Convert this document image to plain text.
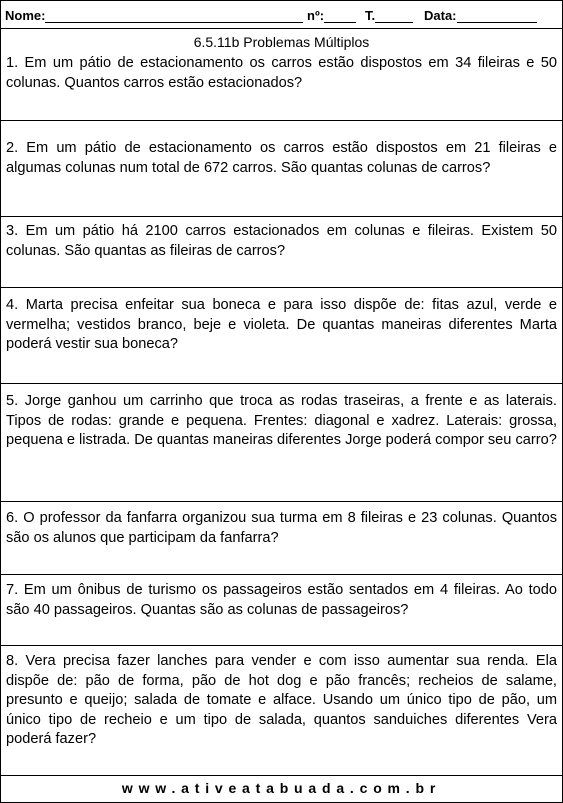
Nome:	nº:	T.	Data:
6.5.11b Problemas Múltiplos

1. Em um pátio de estacionamento os carros estão dispostos em 34 fileiras e 50 colunas. Quantos carros estão estacionados?

2. Em um pátio de estacionamento os carros estão dispostos em 21 fileiras e algumas colunas num total de 672 carros. São quantas colunas de carros?

3. Em um pátio há 2100 carros estacionados em colunas e fileiras. Existem 50 colunas. São quantas as fileiras de carros?

4. Marta precisa enfeitar sua boneca e para isso dispõe de: fitas azul, verde e vermelha; vestidos branco, beje e violeta. De quantas maneiras diferentes Marta poderá vestir sua boneca?

5. Jorge ganhou um carrinho que troca as rodas traseiras, a frente e as laterais. Tipos de rodas: grande e pequena. Frentes: diagonal e xadrez. Laterais: grossa, pequena e listrada. De quantas maneiras diferentes Jorge poderá compor seu carro?

6. O professor da fanfarra organizou sua turma em 8 fileiras e 23 colunas. Quantos são os alunos que participam da fanfarra?

7. Em um ônibus de turismo os passageiros estão sentados em 4 fileiras. Ao todo são 40 passageiros. Quantas são as colunas de passageiros?

8. Vera precisa fazer lanches para vender e com isso aumentar sua renda. Ela dispõe de: pão de forma, pão de hot dog e pão francês; recheios de salame, presunto e queijo; salada de tomate e alface. Usando um único tipo de pão, um único tipo de recheio e um tipo de salada, quantos sanduiches diferentes Vera poderá fazer?

www.ativeatabuada.com.br
